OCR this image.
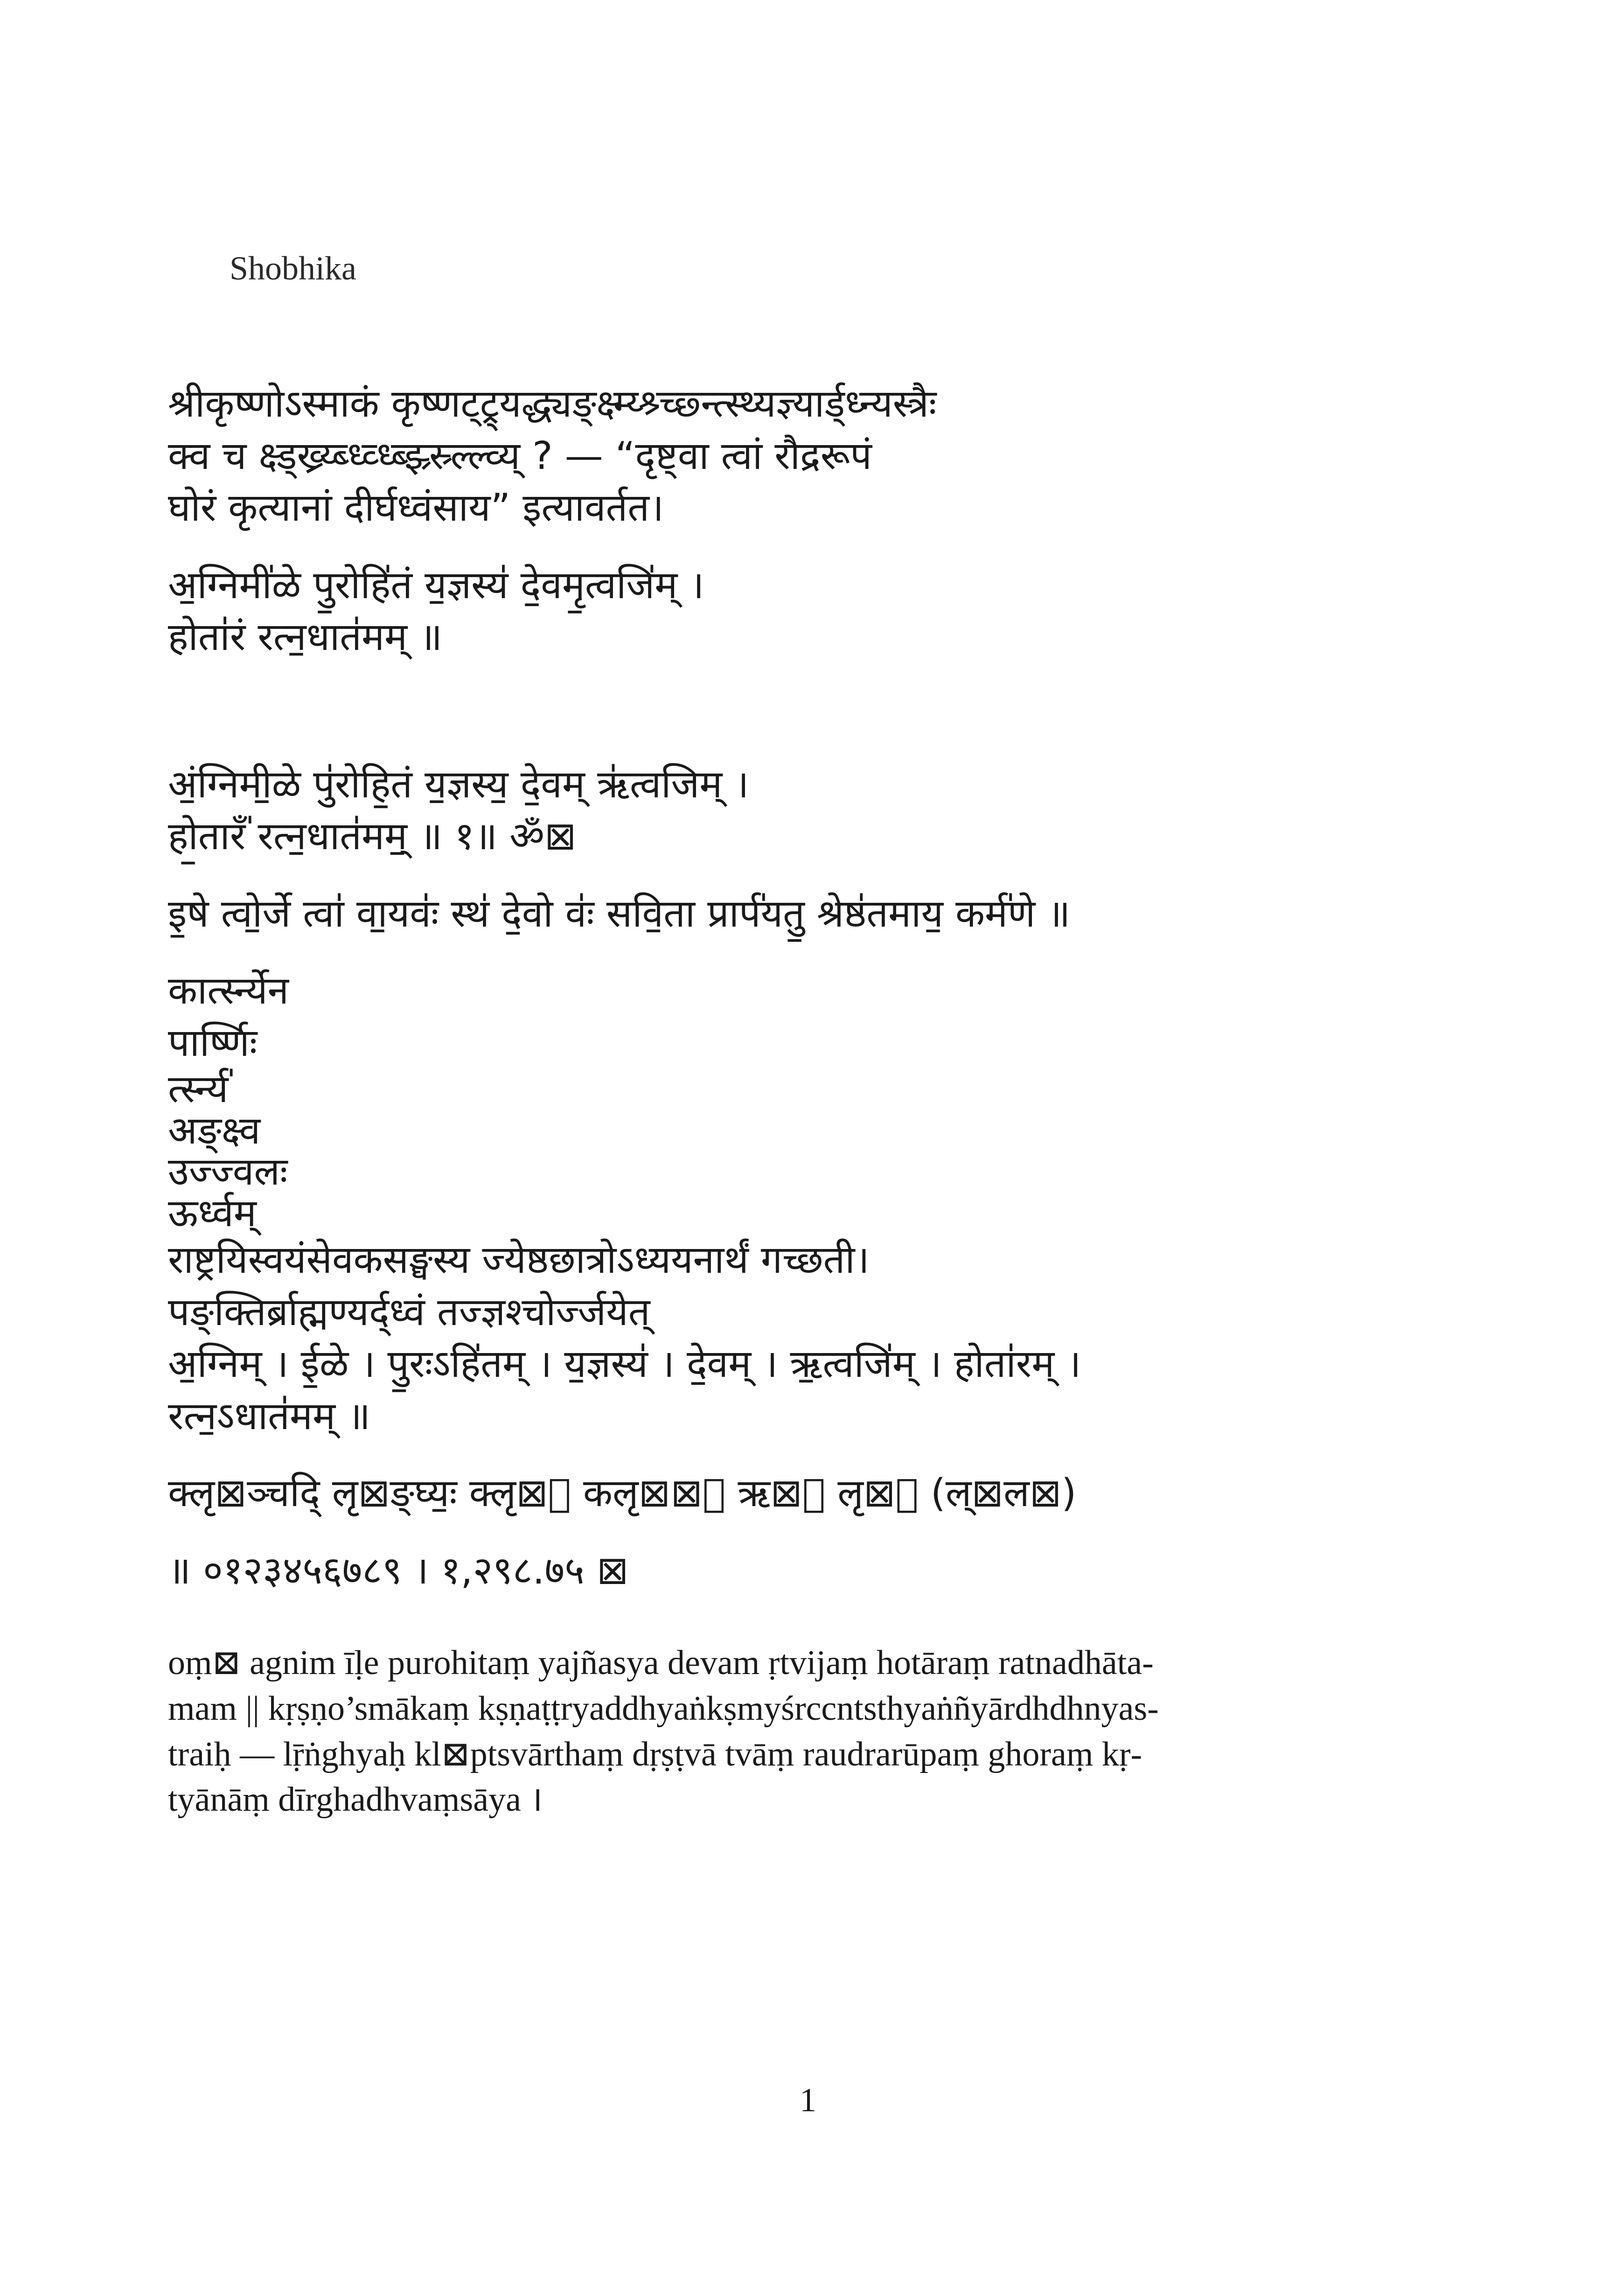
Shobhika
श्रीकृष्णोऽस्माकं कृष्णट्ट्र्यद्ध्यङ्क्ष्म्य्श्र्च्छ्न्त्स्थ्यज्ञ्यार्ड्ध्न्यस्त्रैः
क्व च क्ष्ड्ख्र्य्ब्ध्व्ध्ब्झ्र्स्र्ल्ल्व्य् ? — “दृष्ट्वा त्वां रौद्ररूपं
घोरं कृत्यानां दीर्घध्वंसाय” इत्यावर्तत।
अ॒ग्निमी॑ळे पु॒रोहि॑तं य॒ज्ञस्य॑ दे॒वमृ॒त्वजि॑म् ।
होता॑रं रत्न॒धात॑मम् ॥
अं॒ग्निमी॒ळे पु॑रोहि॒तं य॒ज्ञस्य॒ दे॒वम् ऋ॑त्वजिम् ।
हो॒तारँ॑ रत्न॒धात॑मम्॒ ॥ १॥ ॐ⊠
इ॒षे त्वो॒र्जे त्वा॑ वा॒यवः॑ स्थ॑ दे॒वो वः॑ सवि॒ता प्रार्प॑यतु॒ श्रेष्ठ॑तमाय॒ कर्म॑णे ॥
कार्त्स्न्येन
पार्ष्णिः
र्त्स्न्य॑
अङ्क्ष्व
उज्ज्वलः
ऊर्ध्वम्
राष्ट्रयिस्वयंसेवकसङ्घस्य ज्येष्ठछात्रोऽध्ययनार्थं गच्छती।
पङ्क्तिर्ब्राह्मण्यर्द्ध्वं तज्ज्ञश्चोर्ज्जयेत्
अ॒ग्निम् । ई॒ळे । पु॒रःऽहि॑तम् । य॒ज्ञस्य॑ । दे॒वम् । ऋ॒त्वजि॑म् । होता॑रम् ।
रत्न॒ऽधात॑मम् ॥
क्लृ⊠ञ्चदि् लृ⊠ङ्घ्यः॒ क्लृ⊠ँ कलृ⊠⊠ः ऋ⊠ँ लृ⊠ँ (ल्⊠ल⊠)
॥ ०१२३४५६७८९ । १,२९८.७५ ⊠
oṃ⊠ agnim īḷe purohitaṃ yajñasya devam ṛtvijaṃ hotāraṃ ratnadhāta-
mam || kṛṣṇo’smākaṃ kṣṇaṭṭryaddhyaṅkṣmyśrccntsthyaṅñyārdhdhnyas-
traiḥ — lṝṅghyaḥ kl⊠ptsvārthaṃ dṛṣṭvā tvāṃ raudrarūpaṃ ghoraṃ kṛ-
tyānāṃ dīrghadhvaṃsāya ।
1
